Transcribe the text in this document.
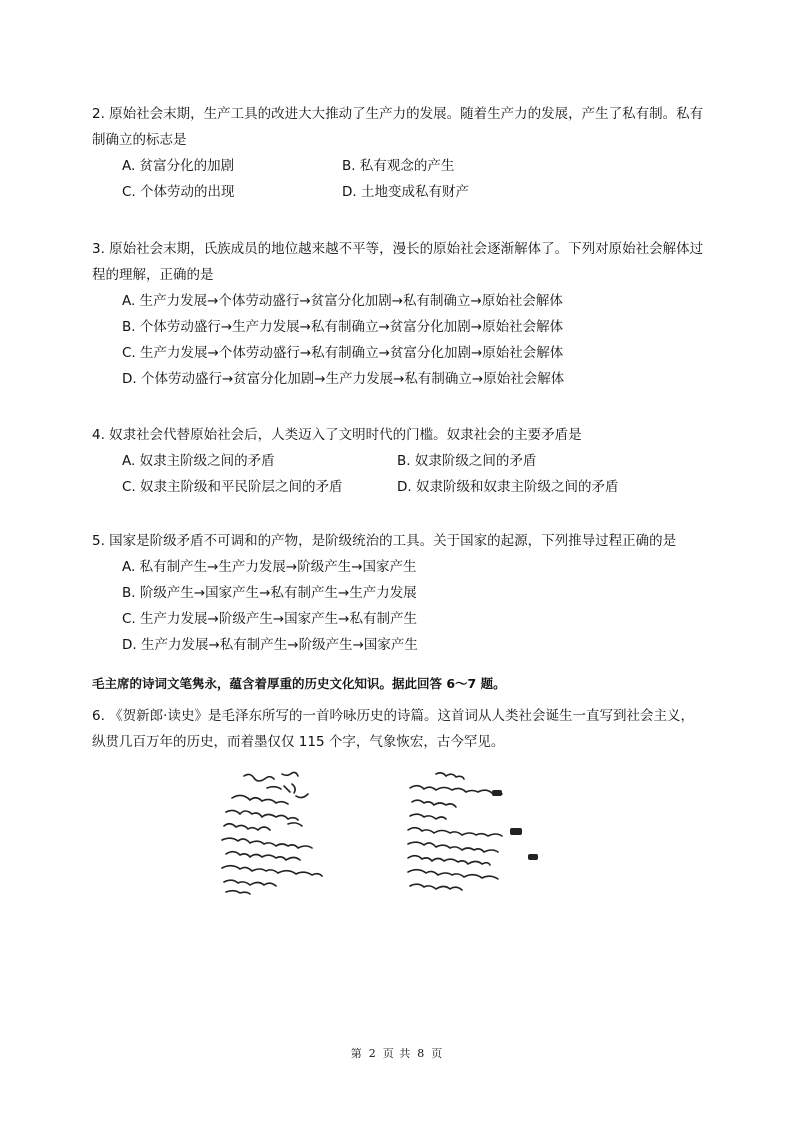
2. 原始社会末期，生产工具的改进大大推动了生产力的发展。随着生产力的发展，产生了私有制。私有制确立的标志是

A. 贫富分化的加剧	B. 私有观念的产生
C. 个体劳动的出现	D. 土地变成私有财产

3. 原始社会末期，氏族成员的地位越来越不平等，漫长的原始社会逐渐解体了。下列对原始社会解体过程的理解，正确的是

A. 生产力发展→个体劳动盛行→贫富分化加剧→私有制确立→原始社会解体
B. 个体劳动盛行→生产力发展→私有制确立→贫富分化加剧→原始社会解体
C. 生产力发展→个体劳动盛行→私有制确立→贫富分化加剧→原始社会解体
D. 个体劳动盛行→贫富分化加剧→生产力发展→私有制确立→原始社会解体

4. 奴隶社会代替原始社会后，人类迈入了文明时代的门槛。奴隶社会的主要矛盾是

A. 奴隶主阶级之间的矛盾	B. 奴隶阶级之间的矛盾
C. 奴隶主阶级和平民阶层之间的矛盾	D. 奴隶阶级和奴隶主阶级之间的矛盾

5. 国家是阶级矛盾不可调和的产物，是阶级统治的工具。关于国家的起源，下列推导过程正确的是

A. 私有制产生→生产力发展→阶级产生→国家产生
B. 阶级产生→国家产生→私有制产生→生产力发展
C. 生产力发展→阶级产生→国家产生→私有制产生
D. 生产力发展→私有制产生→阶级产生→国家产生
毛主席的诗词文笔隽永，蕴含着厚重的历史文化知识。据此回答 6～7 题。
6. 《贺新郎·读史》是毛泽东所写的一首吟咏历史的诗篇。这首词从人类社会诞生一直写到社会主义，纵贯几百万年的历史，而着墨仅仅 115 个字，气象恢宏，古今罕见。
第 2 页 共 8 页
